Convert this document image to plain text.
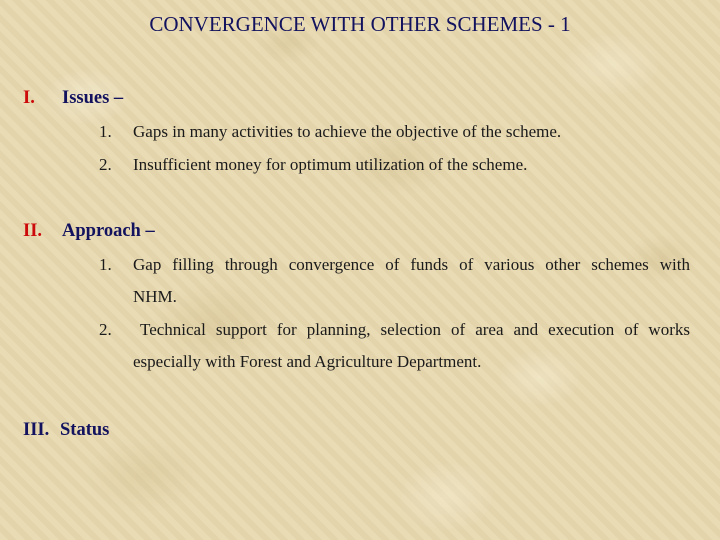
CONVERGENCE WITH OTHER SCHEMES - 1
I. Issues –
1. Gaps in many activities to achieve the objective of the scheme.
2. Insufficient money for optimum utilization of the scheme.
II. Approach –
1. Gap filling through convergence of funds of various other schemes with
NHM.
2. Technical support for planning, selection of area and execution of works
especially with Forest and Agriculture Department.
III. Status
